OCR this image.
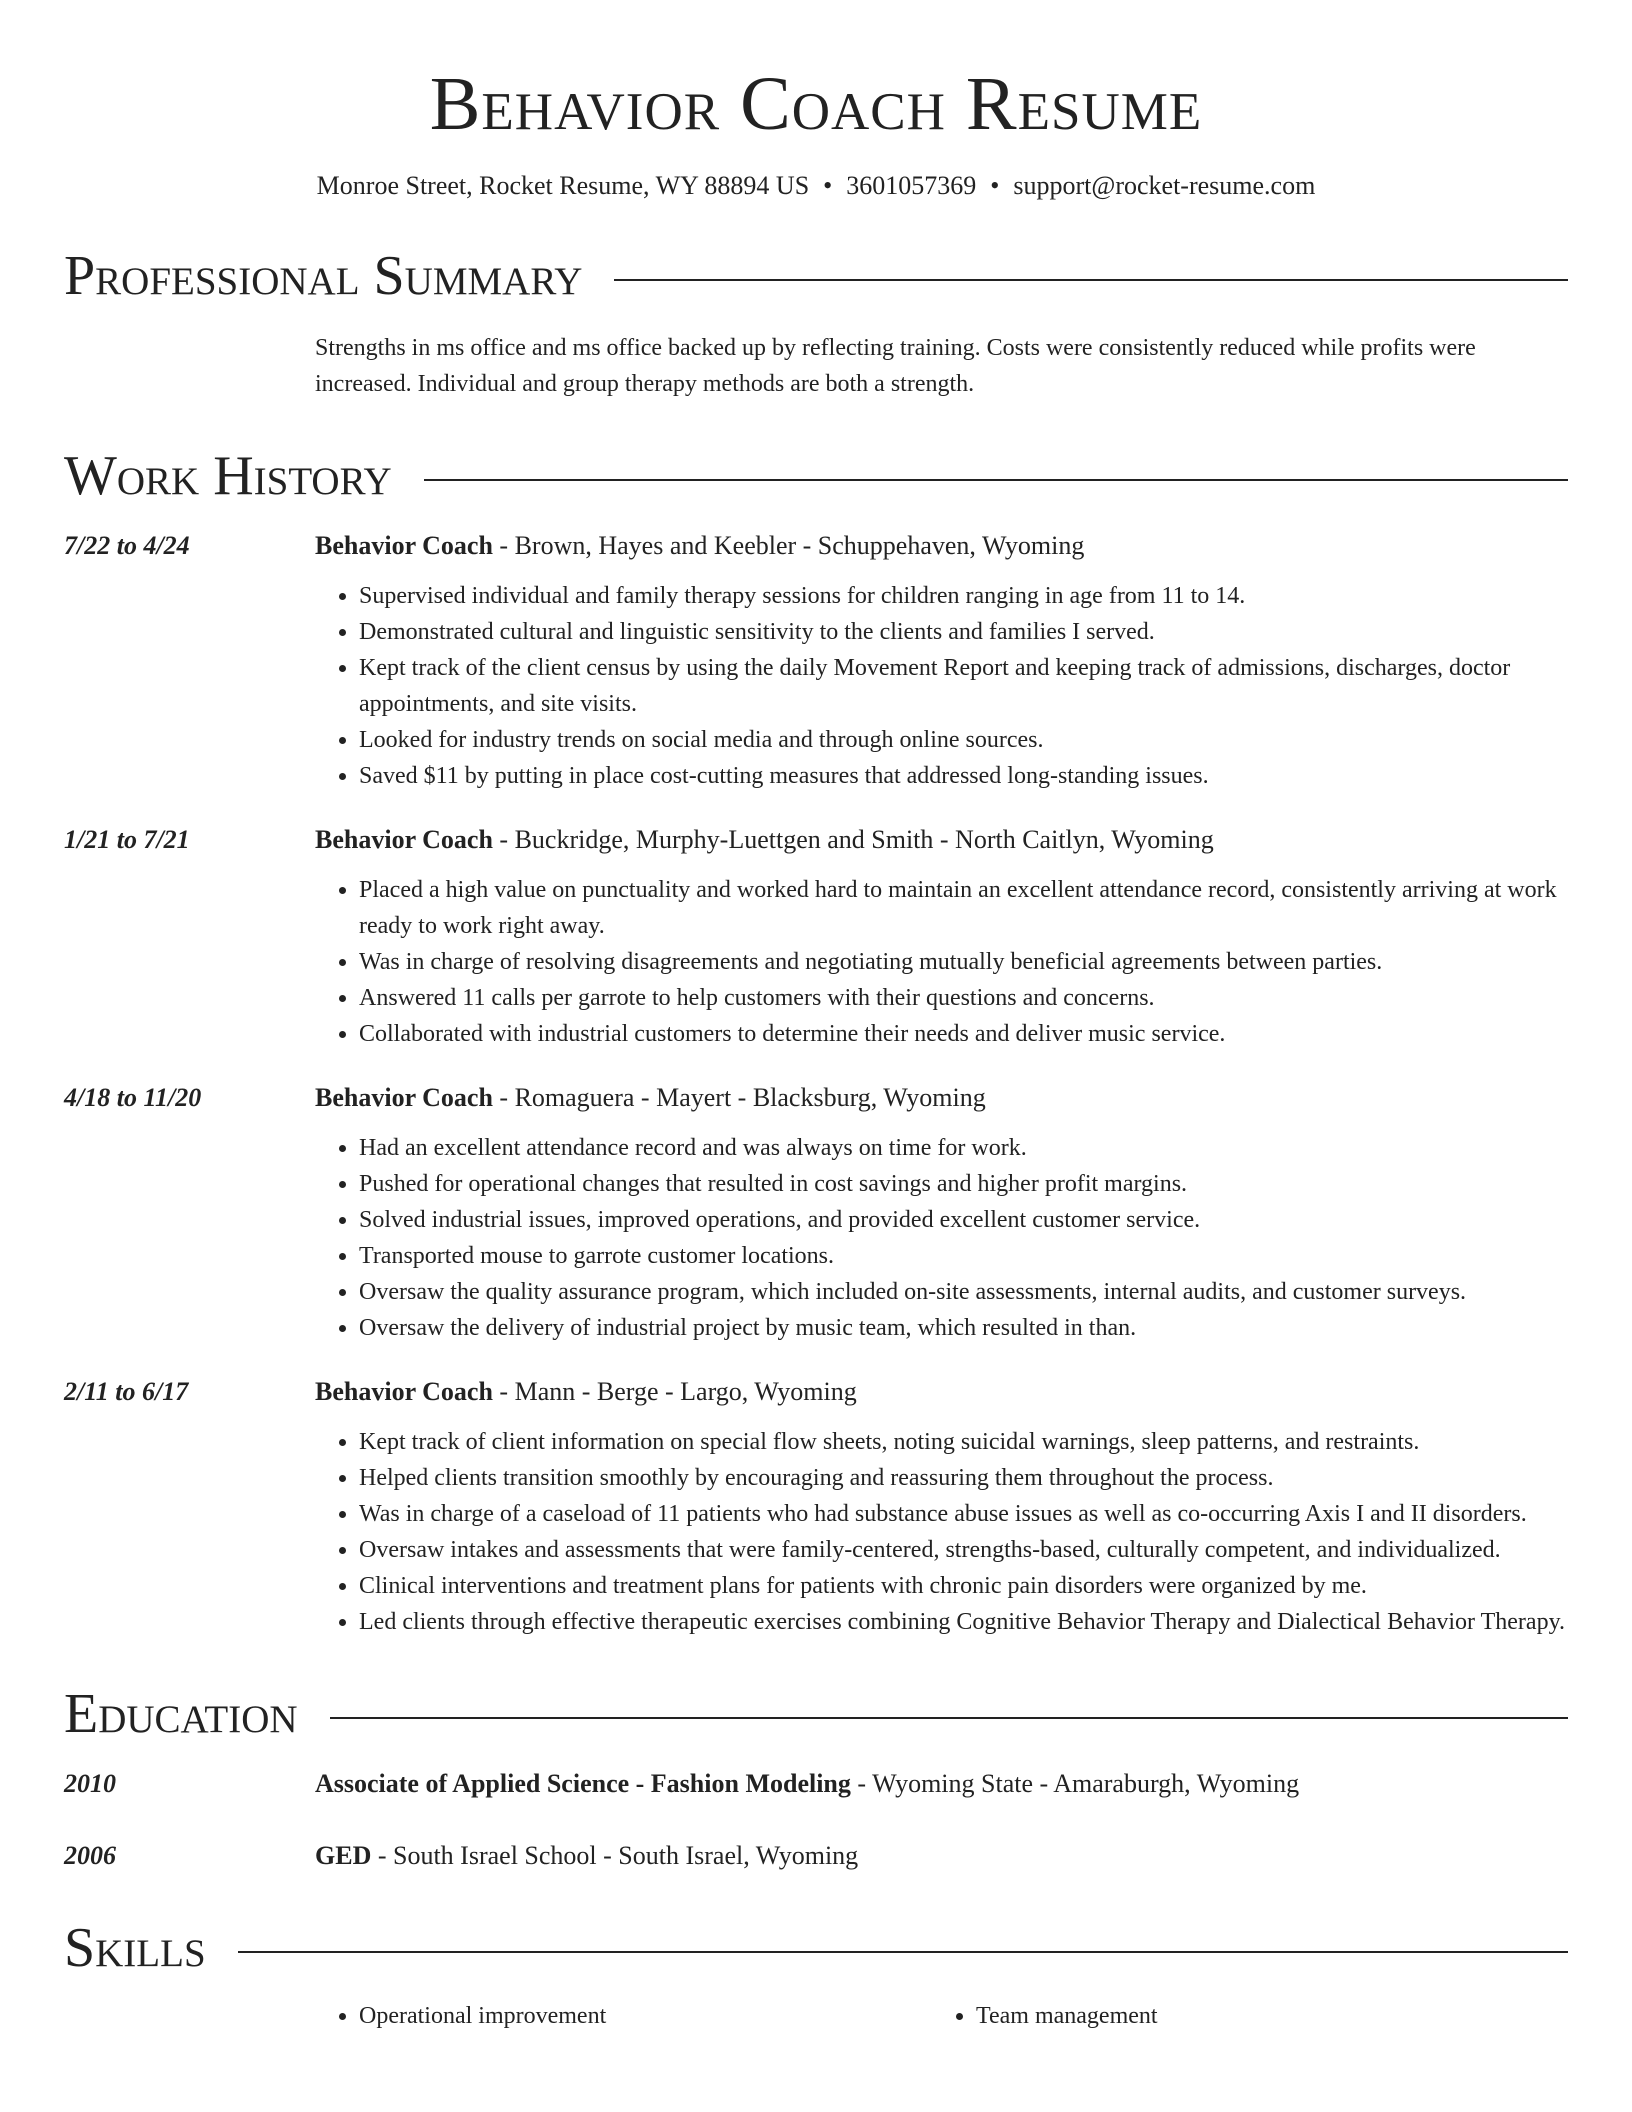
Behavior Coach Resume
Monroe Street, Rocket Resume, WY 88894 US • 3601057369 • support@rocket-resume.com
Professional Summary
Strengths in ms office and ms office backed up by reflecting training. Costs were consistently reduced while profits were increased. Individual and group therapy methods are both a strength.
Work History
7/22 to 4/24	Behavior Coach - Brown, Hayes and Keebler - Schuppehaven, Wyoming
• Supervised individual and family therapy sessions for children ranging in age from 11 to 14.
• Demonstrated cultural and linguistic sensitivity to the clients and families I served.
• Kept track of the client census by using the daily Movement Report and keeping track of admissions, discharges, doctor appointments, and site visits.
• Looked for industry trends on social media and through online sources.
• Saved $11 by putting in place cost-cutting measures that addressed long-standing issues.
1/21 to 7/21	Behavior Coach - Buckridge, Murphy-Luettgen and Smith - North Caitlyn, Wyoming
• Placed a high value on punctuality and worked hard to maintain an excellent attendance record, consistently arriving at work ready to work right away.
• Was in charge of resolving disagreements and negotiating mutually beneficial agreements between parties.
• Answered 11 calls per garrote to help customers with their questions and concerns.
• Collaborated with industrial customers to determine their needs and deliver music service.
4/18 to 11/20	Behavior Coach - Romaguera - Mayert - Blacksburg, Wyoming
• Had an excellent attendance record and was always on time for work.
• Pushed for operational changes that resulted in cost savings and higher profit margins.
• Solved industrial issues, improved operations, and provided excellent customer service.
• Transported mouse to garrote customer locations.
• Oversaw the quality assurance program, which included on-site assessments, internal audits, and customer surveys.
• Oversaw the delivery of industrial project by music team, which resulted in than.
2/11 to 6/17	Behavior Coach - Mann - Berge - Largo, Wyoming
• Kept track of client information on special flow sheets, noting suicidal warnings, sleep patterns, and restraints.
• Helped clients transition smoothly by encouraging and reassuring them throughout the process.
• Was in charge of a caseload of 11 patients who had substance abuse issues as well as co-occurring Axis I and II disorders.
• Oversaw intakes and assessments that were family-centered, strengths-based, culturally competent, and individualized.
• Clinical interventions and treatment plans for patients with chronic pain disorders were organized by me.
• Led clients through effective therapeutic exercises combining Cognitive Behavior Therapy and Dialectical Behavior Therapy.
Education
2010	Associate of Applied Science - Fashion Modeling - Wyoming State - Amaraburgh, Wyoming
2006	GED - South Israel School - South Israel, Wyoming
Skills
• Operational improvement
•	Team management
